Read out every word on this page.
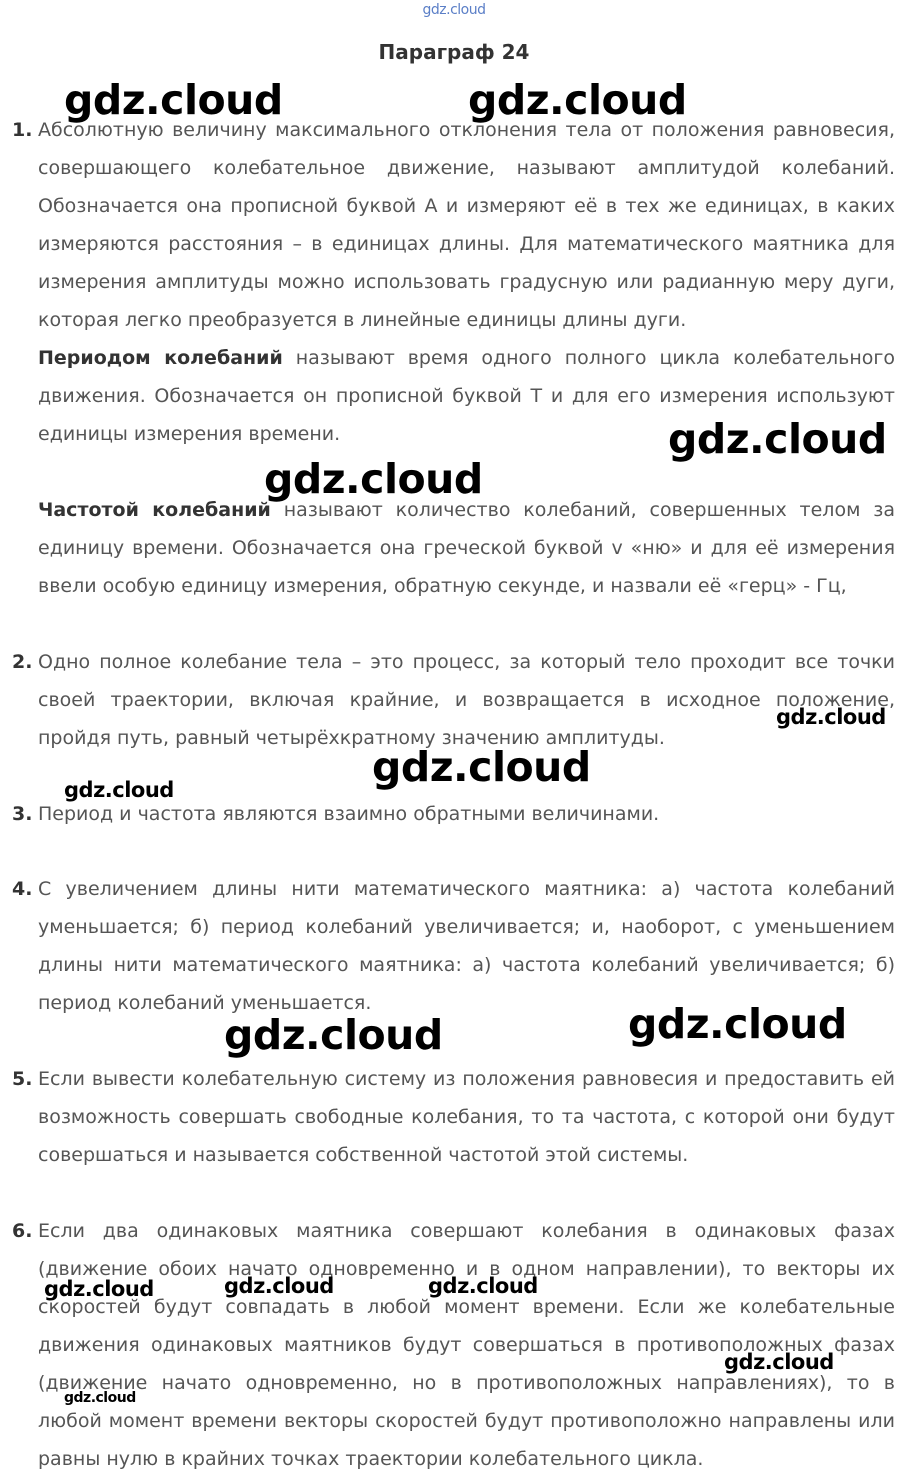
gdz.cloud
Параграф 24
1. Абсолютную величину максимального отклонения тела от положения равновесия, совершающего колебательное движение, называют амплитудой колебаний. Обозначается она прописной буквой А и измеряют её в тех же единицах, в каких измеряются расстояния – в единицах длины. Для математического маятника для измерения амплитуды можно использовать градусную или радианную меру дуги, которая легко преобразуется в линейные единицы длины дуги.

Периодом колебаний называют время одного полного цикла колебательного движения. Обозначается он прописной буквой T и для его измерения используют единицы измерения времени.

Частотой колебаний называют количество колебаний, совершенных телом за единицу времени. Обозначается она греческой буквой v «ню» и для её измерения ввели особую единицу измерения, обратную секунде, и назвали её «герц» - Гц,

2. Одно полное колебание тела – это процесс, за который тело проходит все точки своей траектории, включая крайние, и возвращается в исходное положение, пройдя путь, равный четырёхкратному значению амплитуды.

3. Период и частота являются взаимно обратными величинами.

4. С увеличением длины нити математического маятника: а) частота колебаний уменьшается; б) период колебаний увеличивается; и, наоборот, с уменьшением длины нити математического маятника: а) частота колебаний увеличивается; б) период колебаний уменьшается.

5. Если вывести колебательную систему из положения равновесия и предоставить ей возможность совершать свободные колебания, то та частота, с которой они будут совершаться и называется собственной частотой этой системы.

6. Если два одинаковых маятника совершают колебания в одинаковых фазах (движение обоих начато одновременно и в одном направлении), то векторы их скоростей будут совпадать в любой момент времени. Если же колебательные движения одинаковых маятников будут совершаться в противоположных фазах (движение начато одновременно, но в противоположных направлениях), то в любой момент времени векторы скоростей будут противоположно направлены или равны нулю в крайних точках траектории колебательного цикла.

gdz.cloud	gdz.cloud
gdz.cloud
gdz.cloud
gdz.cloud
gdz.cloud
gdz.cloud
gdz.cloud	gdz.cloud
gdz.cloud	gdz.cloud	gdz.cloud
gdz.cloud
gdz.cloud
